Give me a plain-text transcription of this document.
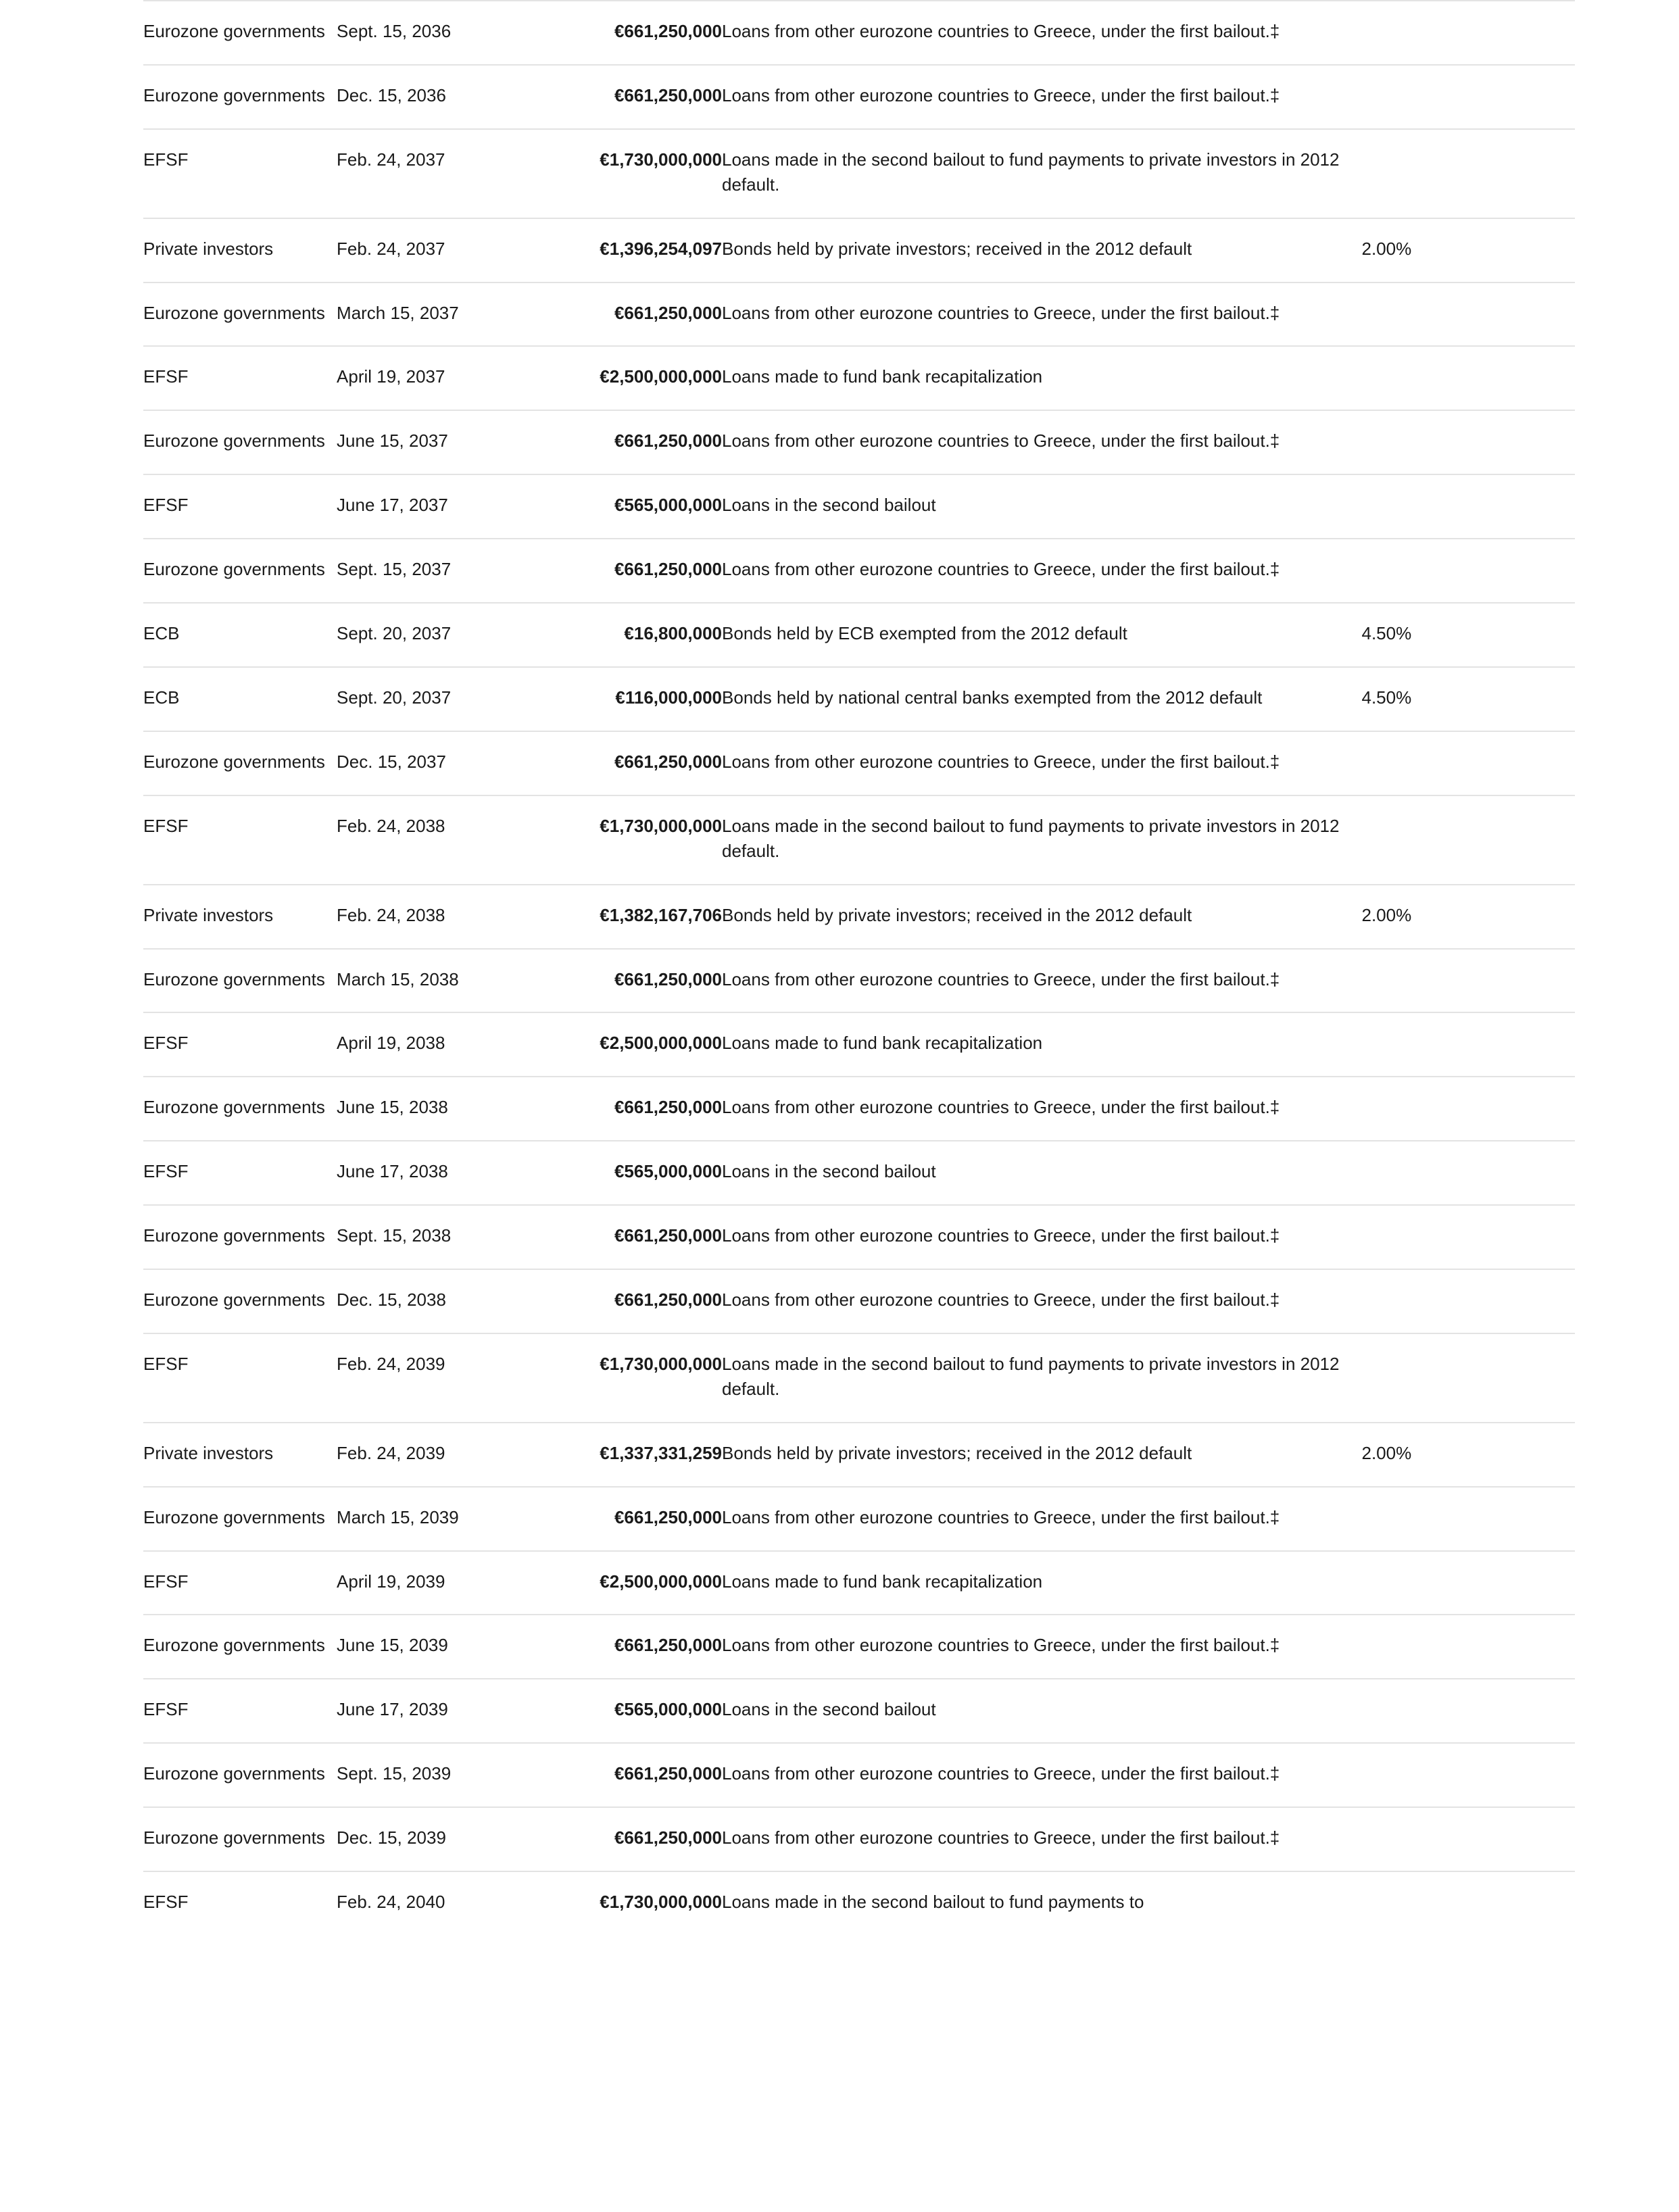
Eurozone governments	Sept. 15, 2036	€661,250,000	Loans from other eurozone countries to Greece, under the first bailout.‡	
Eurozone governments	Dec. 15, 2036	€661,250,000	Loans from other eurozone countries to Greece, under the first bailout.‡	
EFSF	Feb. 24, 2037	€1,730,000,000	Loans made in the second bailout to fund payments to private investors in 2012 default.	
Private investors	Feb. 24, 2037	€1,396,254,097	Bonds held by private investors; received in the 2012 default	2.00%
Eurozone governments	March 15, 2037	€661,250,000	Loans from other eurozone countries to Greece, under the first bailout.‡	
EFSF	April 19, 2037	€2,500,000,000	Loans made to fund bank recapitalization	
Eurozone governments	June 15, 2037	€661,250,000	Loans from other eurozone countries to Greece, under the first bailout.‡	
EFSF	June 17, 2037	€565,000,000	Loans in the second bailout	
Eurozone governments	Sept. 15, 2037	€661,250,000	Loans from other eurozone countries to Greece, under the first bailout.‡	
ECB	Sept. 20, 2037	€16,800,000	Bonds held by ECB exempted from the 2012 default	4.50%
ECB	Sept. 20, 2037	€116,000,000	Bonds held by national central banks exempted from the 2012 default	4.50%
Eurozone governments	Dec. 15, 2037	€661,250,000	Loans from other eurozone countries to Greece, under the first bailout.‡	
EFSF	Feb. 24, 2038	€1,730,000,000	Loans made in the second bailout to fund payments to private investors in 2012 default.	
Private investors	Feb. 24, 2038	€1,382,167,706	Bonds held by private investors; received in the 2012 default	2.00%
Eurozone governments	March 15, 2038	€661,250,000	Loans from other eurozone countries to Greece, under the first bailout.‡	
EFSF	April 19, 2038	€2,500,000,000	Loans made to fund bank recapitalization	
Eurozone governments	June 15, 2038	€661,250,000	Loans from other eurozone countries to Greece, under the first bailout.‡	
EFSF	June 17, 2038	€565,000,000	Loans in the second bailout	
Eurozone governments	Sept. 15, 2038	€661,250,000	Loans from other eurozone countries to Greece, under the first bailout.‡	
Eurozone governments	Dec. 15, 2038	€661,250,000	Loans from other eurozone countries to Greece, under the first bailout.‡	
EFSF	Feb. 24, 2039	€1,730,000,000	Loans made in the second bailout to fund payments to private investors in 2012 default.	
Private investors	Feb. 24, 2039	€1,337,331,259	Bonds held by private investors; received in the 2012 default	2.00%
Eurozone governments	March 15, 2039	€661,250,000	Loans from other eurozone countries to Greece, under the first bailout.‡	
EFSF	April 19, 2039	€2,500,000,000	Loans made to fund bank recapitalization	
Eurozone governments	June 15, 2039	€661,250,000	Loans from other eurozone countries to Greece, under the first bailout.‡	
EFSF	June 17, 2039	€565,000,000	Loans in the second bailout	
Eurozone governments	Sept. 15, 2039	€661,250,000	Loans from other eurozone countries to Greece, under the first bailout.‡	
Eurozone governments	Dec. 15, 2039	€661,250,000	Loans from other eurozone countries to Greece, under the first bailout.‡	
EFSF	Feb. 24, 2040	€1,730,000,000	Loans made in the second bailout to fund payments to	
